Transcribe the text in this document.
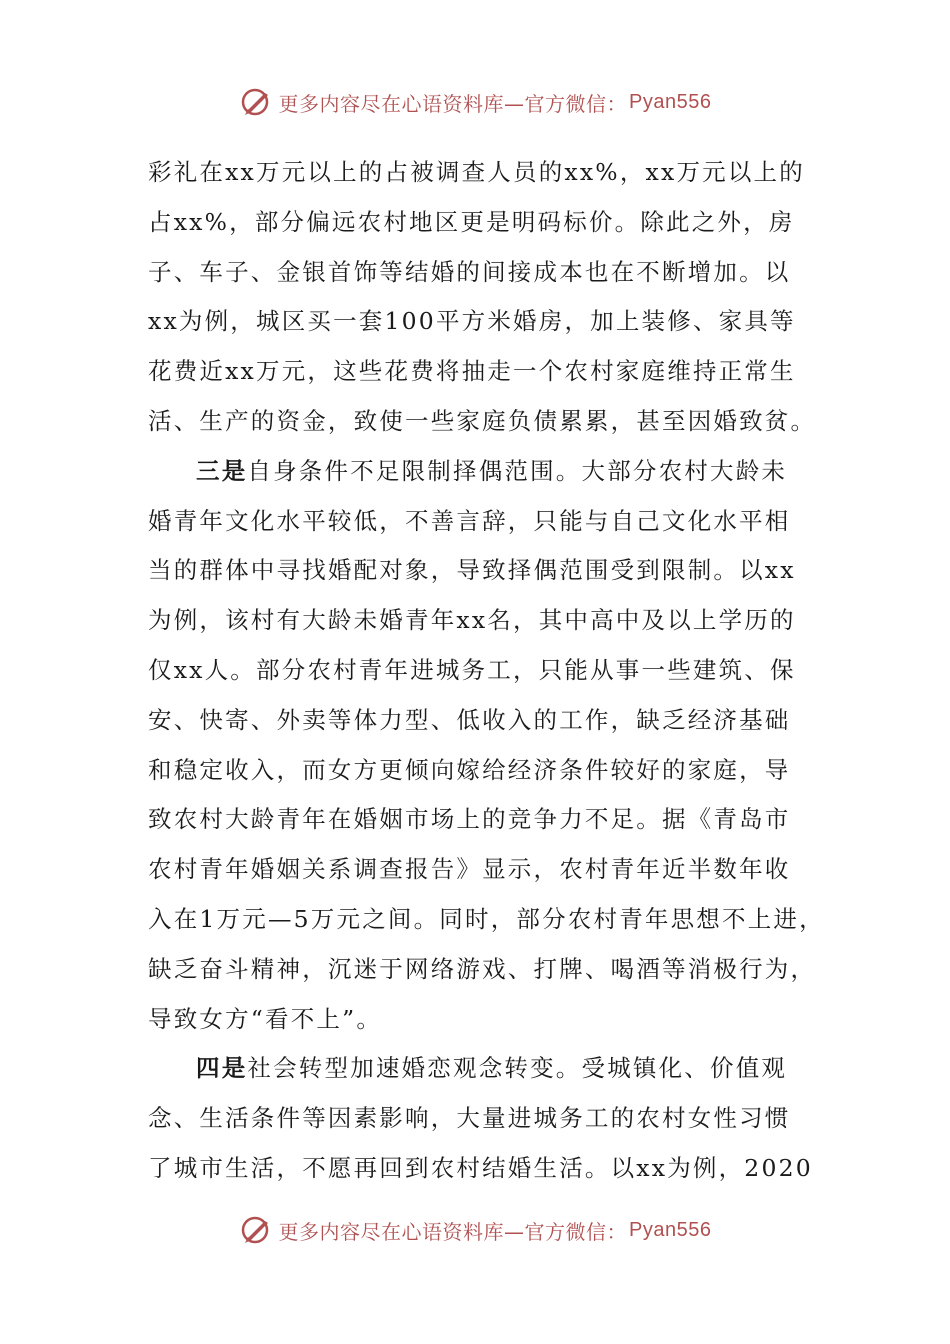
更多内容尽在心语资料库—官方微信： Pyan556
彩礼在xx万元以上的占被调查人员的xx%，xx万元以上的
占xx%，部分偏远农村地区更是明码标价。除此之外，房
子、车子、金银首饰等结婚的间接成本也在不断增加。以
xx为例，城区买一套100平方米婚房，加上装修、家具等
花费近xx万元，这些花费将抽走一个农村家庭维持正常生
活、生产的资金，致使一些家庭负债累累，甚至因婚致贫。
三是自身条件不足限制择偶范围。大部分农村大龄未
婚青年文化水平较低，不善言辞，只能与自己文化水平相
当的群体中寻找婚配对象，导致择偶范围受到限制。以xx
为例，该村有大龄未婚青年xx名，其中高中及以上学历的
仅xx人。部分农村青年进城务工，只能从事一些建筑、保
安、快寄、外卖等体力型、低收入的工作，缺乏经济基础
和稳定收入，而女方更倾向嫁给经济条件较好的家庭，导
致农村大龄青年在婚姻市场上的竞争力不足。据《青岛市
农村青年婚姻关系调查报告》显示，农村青年近半数年收
入在1万元—5万元之间。同时，部分农村青年思想不上进，
缺乏奋斗精神，沉迷于网络游戏、打牌、喝酒等消极行为，
导致女方“看不上”。
四是社会转型加速婚恋观念转变。受城镇化、价值观
念、生活条件等因素影响，大量进城务工的农村女性习惯
了城市生活，不愿再回到农村结婚生活。以xx为例，2020
更多内容尽在心语资料库—官方微信： Pyan556
